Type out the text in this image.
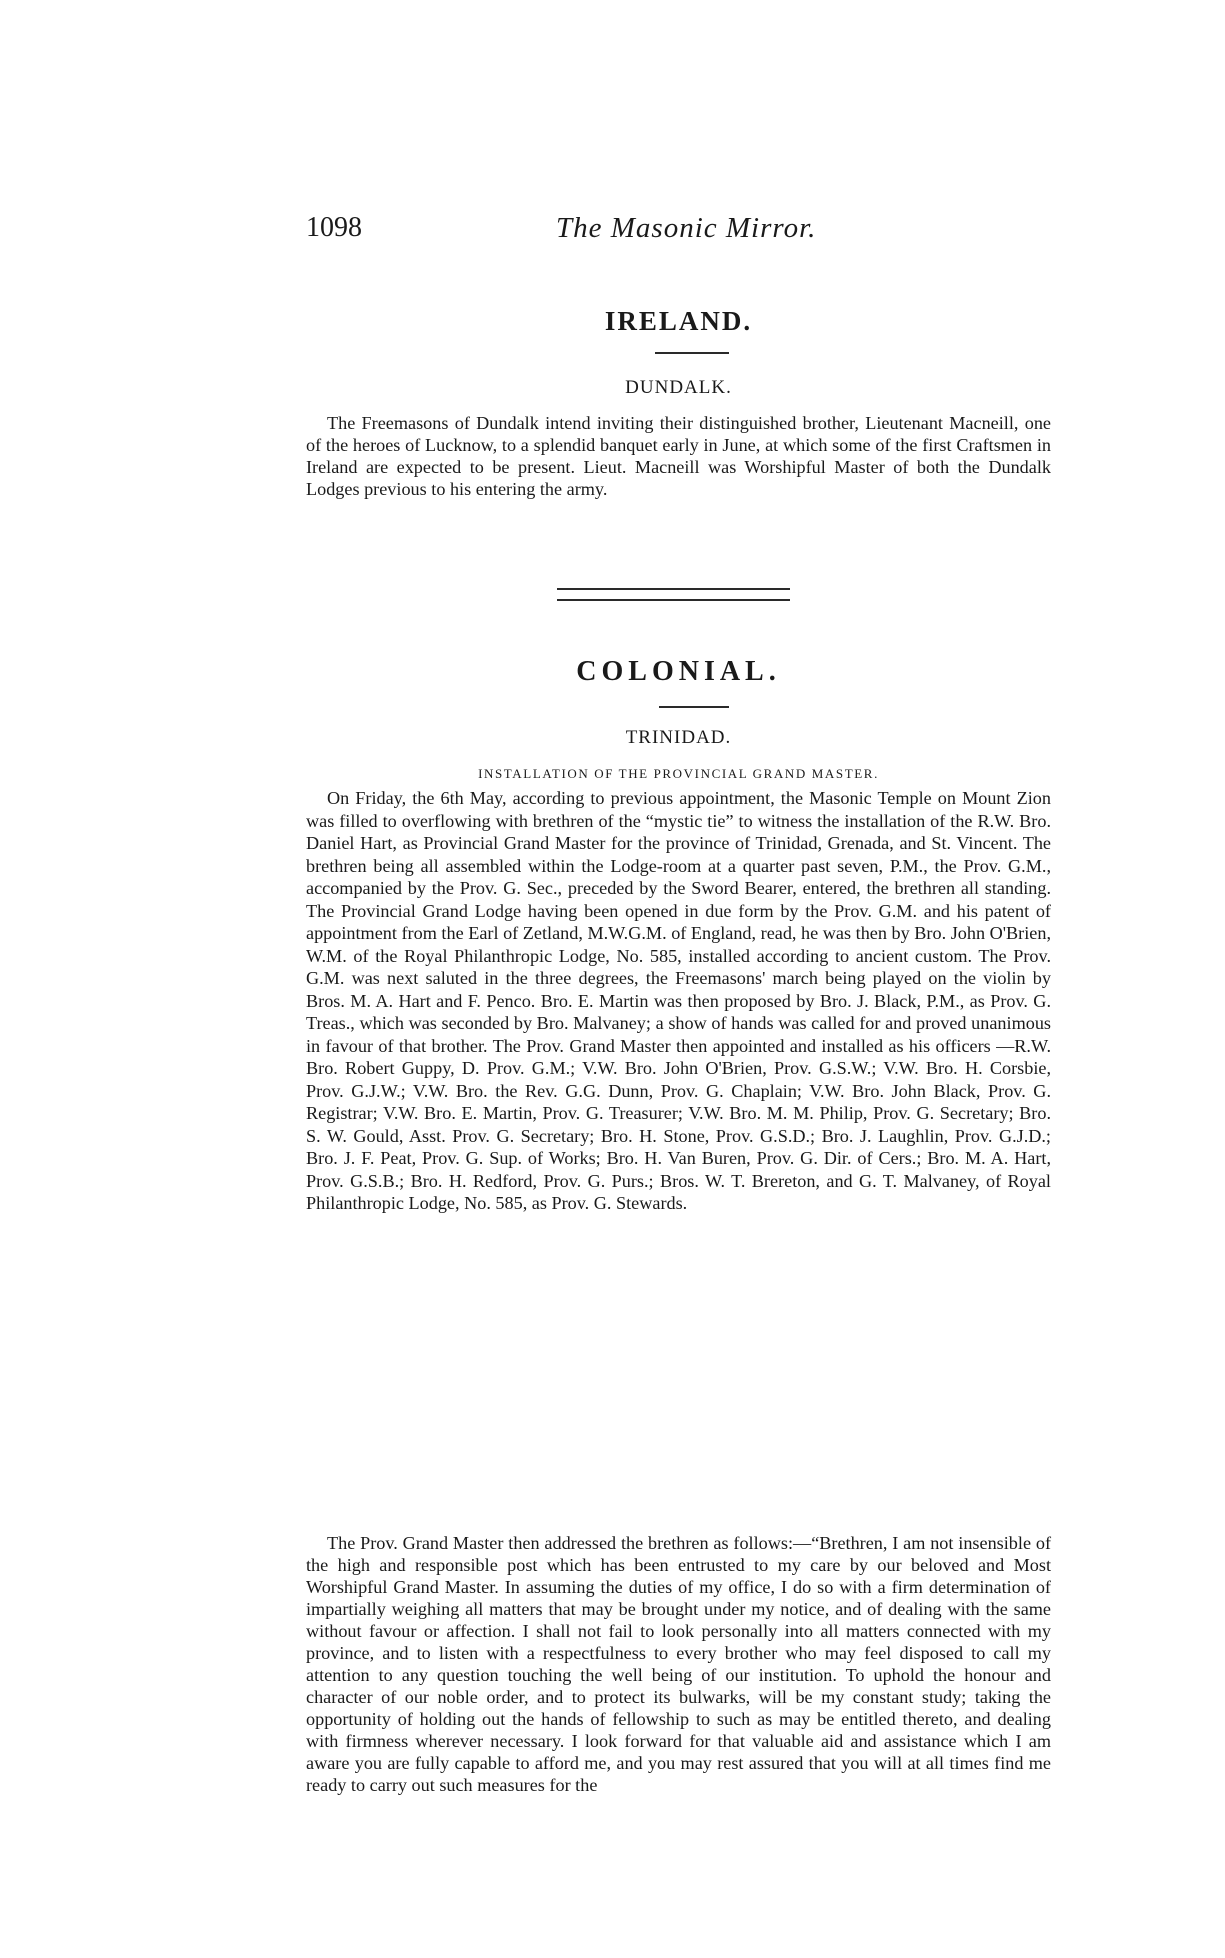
1098	The Masonic Mirror.
IRELAND.
DUNDALK.

The Freemasons of Dundalk intend inviting their distinguished brother, Lieutenant Macneill, one of the heroes of Lucknow, to a splendid banquet early in June, at which some of the first Craftsmen in Ireland are expected to be present. Lieut. Macneill was Worshipful Master of both the Dundalk Lodges previous to his entering the army.

COLONIAL.
TRINIDAD.
INSTALLATION OF THE PROVINCIAL GRAND MASTER.

On Friday, the 6th May, according to previous appointment, the Masonic Temple on Mount Zion was filled to overflowing with brethren of the “mystic tie” to witness the installation of the R.W. Bro. Daniel Hart, as Provincial Grand Master for the province of Trinidad, Grenada, and St. Vincent. The brethren being all assembled within the Lodge-room at a quarter past seven, P.M., the Prov. G.M., accompanied by the Prov. G. Sec., preceded by the Sword Bearer, entered, the brethren all standing. The Provincial Grand Lodge having been opened in due form by the Prov. G.M. and his patent of appointment from the Earl of Zetland, M.W.G.M. of England, read, he was then by Bro. John O'Brien, W.M. of the Royal Philanthropic Lodge, No. 585, installed according to ancient custom. The Prov. G.M. was next saluted in the three degrees, the Freemasons' march being played on the violin by Bros. M. A. Hart and F. Penco. Bro. E. Martin was then proposed by Bro. J. Black, P.M., as Prov. G. Treas., which was seconded by Bro. Malvaney; a show of hands was called for and proved unanimous in favour of that brother. The Prov. Grand Master then appointed and installed as his officers —R.W. Bro. Robert Guppy, D. Prov. G.M.; V.W. Bro. John O'Brien, Prov. G.S.W.; V.W. Bro. H. Corsbie, Prov. G.J.W.; V.W. Bro. the Rev. G.G. Dunn, Prov. G. Chaplain; V.W. Bro. John Black, Prov. G. Registrar; V.W. Bro. E. Martin, Prov. G. Treasurer; V.W. Bro. M. M. Philip, Prov. G. Secretary; Bro. S. W. Gould, Asst. Prov. G. Secretary; Bro. H. Stone, Prov. G.S.D.; Bro. J. Laughlin, Prov. G.J.D.; Bro. J. F. Peat, Prov. G. Sup. of Works; Bro. H. Van Buren, Prov. G. Dir. of Cers.; Bro. M. A. Hart, Prov. G.S.B.; Bro. H. Redford, Prov. G. Purs.; Bros. W. T. Brereton, and G. T. Malvaney, of Royal Philanthropic Lodge, No. 585, as Prov. G. Stewards.

The Prov. Grand Master then addressed the brethren as follows:—“Brethren, I am not insensible of the high and responsible post which has been entrusted to my care by our beloved and Most Worshipful Grand Master. In assuming the duties of my office, I do so with a firm determination of impartially weighing all matters that may be brought under my notice, and of dealing with the same without favour or affection. I shall not fail to look personally into all matters connected with my province, and to listen with a respectfulness to every brother who may feel disposed to call my attention to any question touching the well being of our institution. To uphold the honour and character of our noble order, and to protect its bulwarks, will be my constant study; taking the opportunity of holding out the hands of fellowship to such as may be entitled thereto, and dealing with firmness wherever necessary. I look forward for that valuable aid and assistance which I am aware you are fully capable to afford me, and you may rest assured that you will at all times find me ready to carry out such measures for the
